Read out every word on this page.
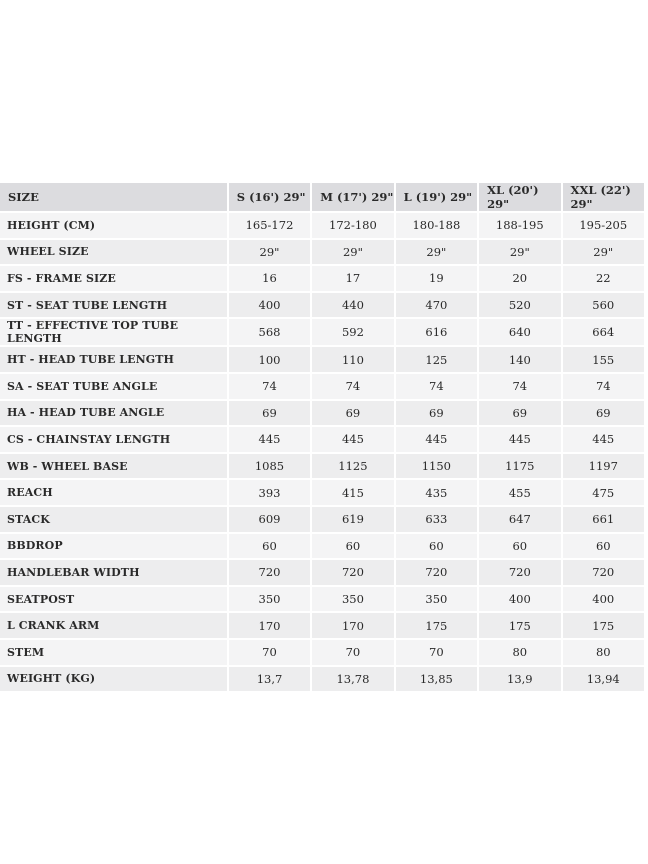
SIZE	S (16') 29"	M (17') 29"	L (19') 29"	XL (20') 29"	XXL (22') 29"
HEIGHT (CM)	165-172	172-180	180-188	188-195	195-205
WHEEL SIZE	29"	29"	29"	29"	29"
FS - FRAME SIZE	16	17	19	20	22
ST - SEAT TUBE LENGTH	400	440	470	520	560
TT - EFFECTIVE TOP TUBE LENGTH	568	592	616	640	664
HT - HEAD TUBE LENGTH	100	110	125	140	155
SA - SEAT TUBE ANGLE	74	74	74	74	74
HA - HEAD TUBE ANGLE	69	69	69	69	69
CS - CHAINSTAY LENGTH	445	445	445	445	445
WB - WHEEL BASE	1085	1125	1150	1175	1197
REACH	393	415	435	455	475
STACK	609	619	633	647	661
BBDROP	60	60	60	60	60
HANDLEBAR WIDTH	720	720	720	720	720
SEATPOST	350	350	350	400	400
L CRANK ARM	170	170	175	175	175
STEM	70	70	70	80	80
WEIGHT (KG)	13,7	13,78	13,85	13,9	13,94
